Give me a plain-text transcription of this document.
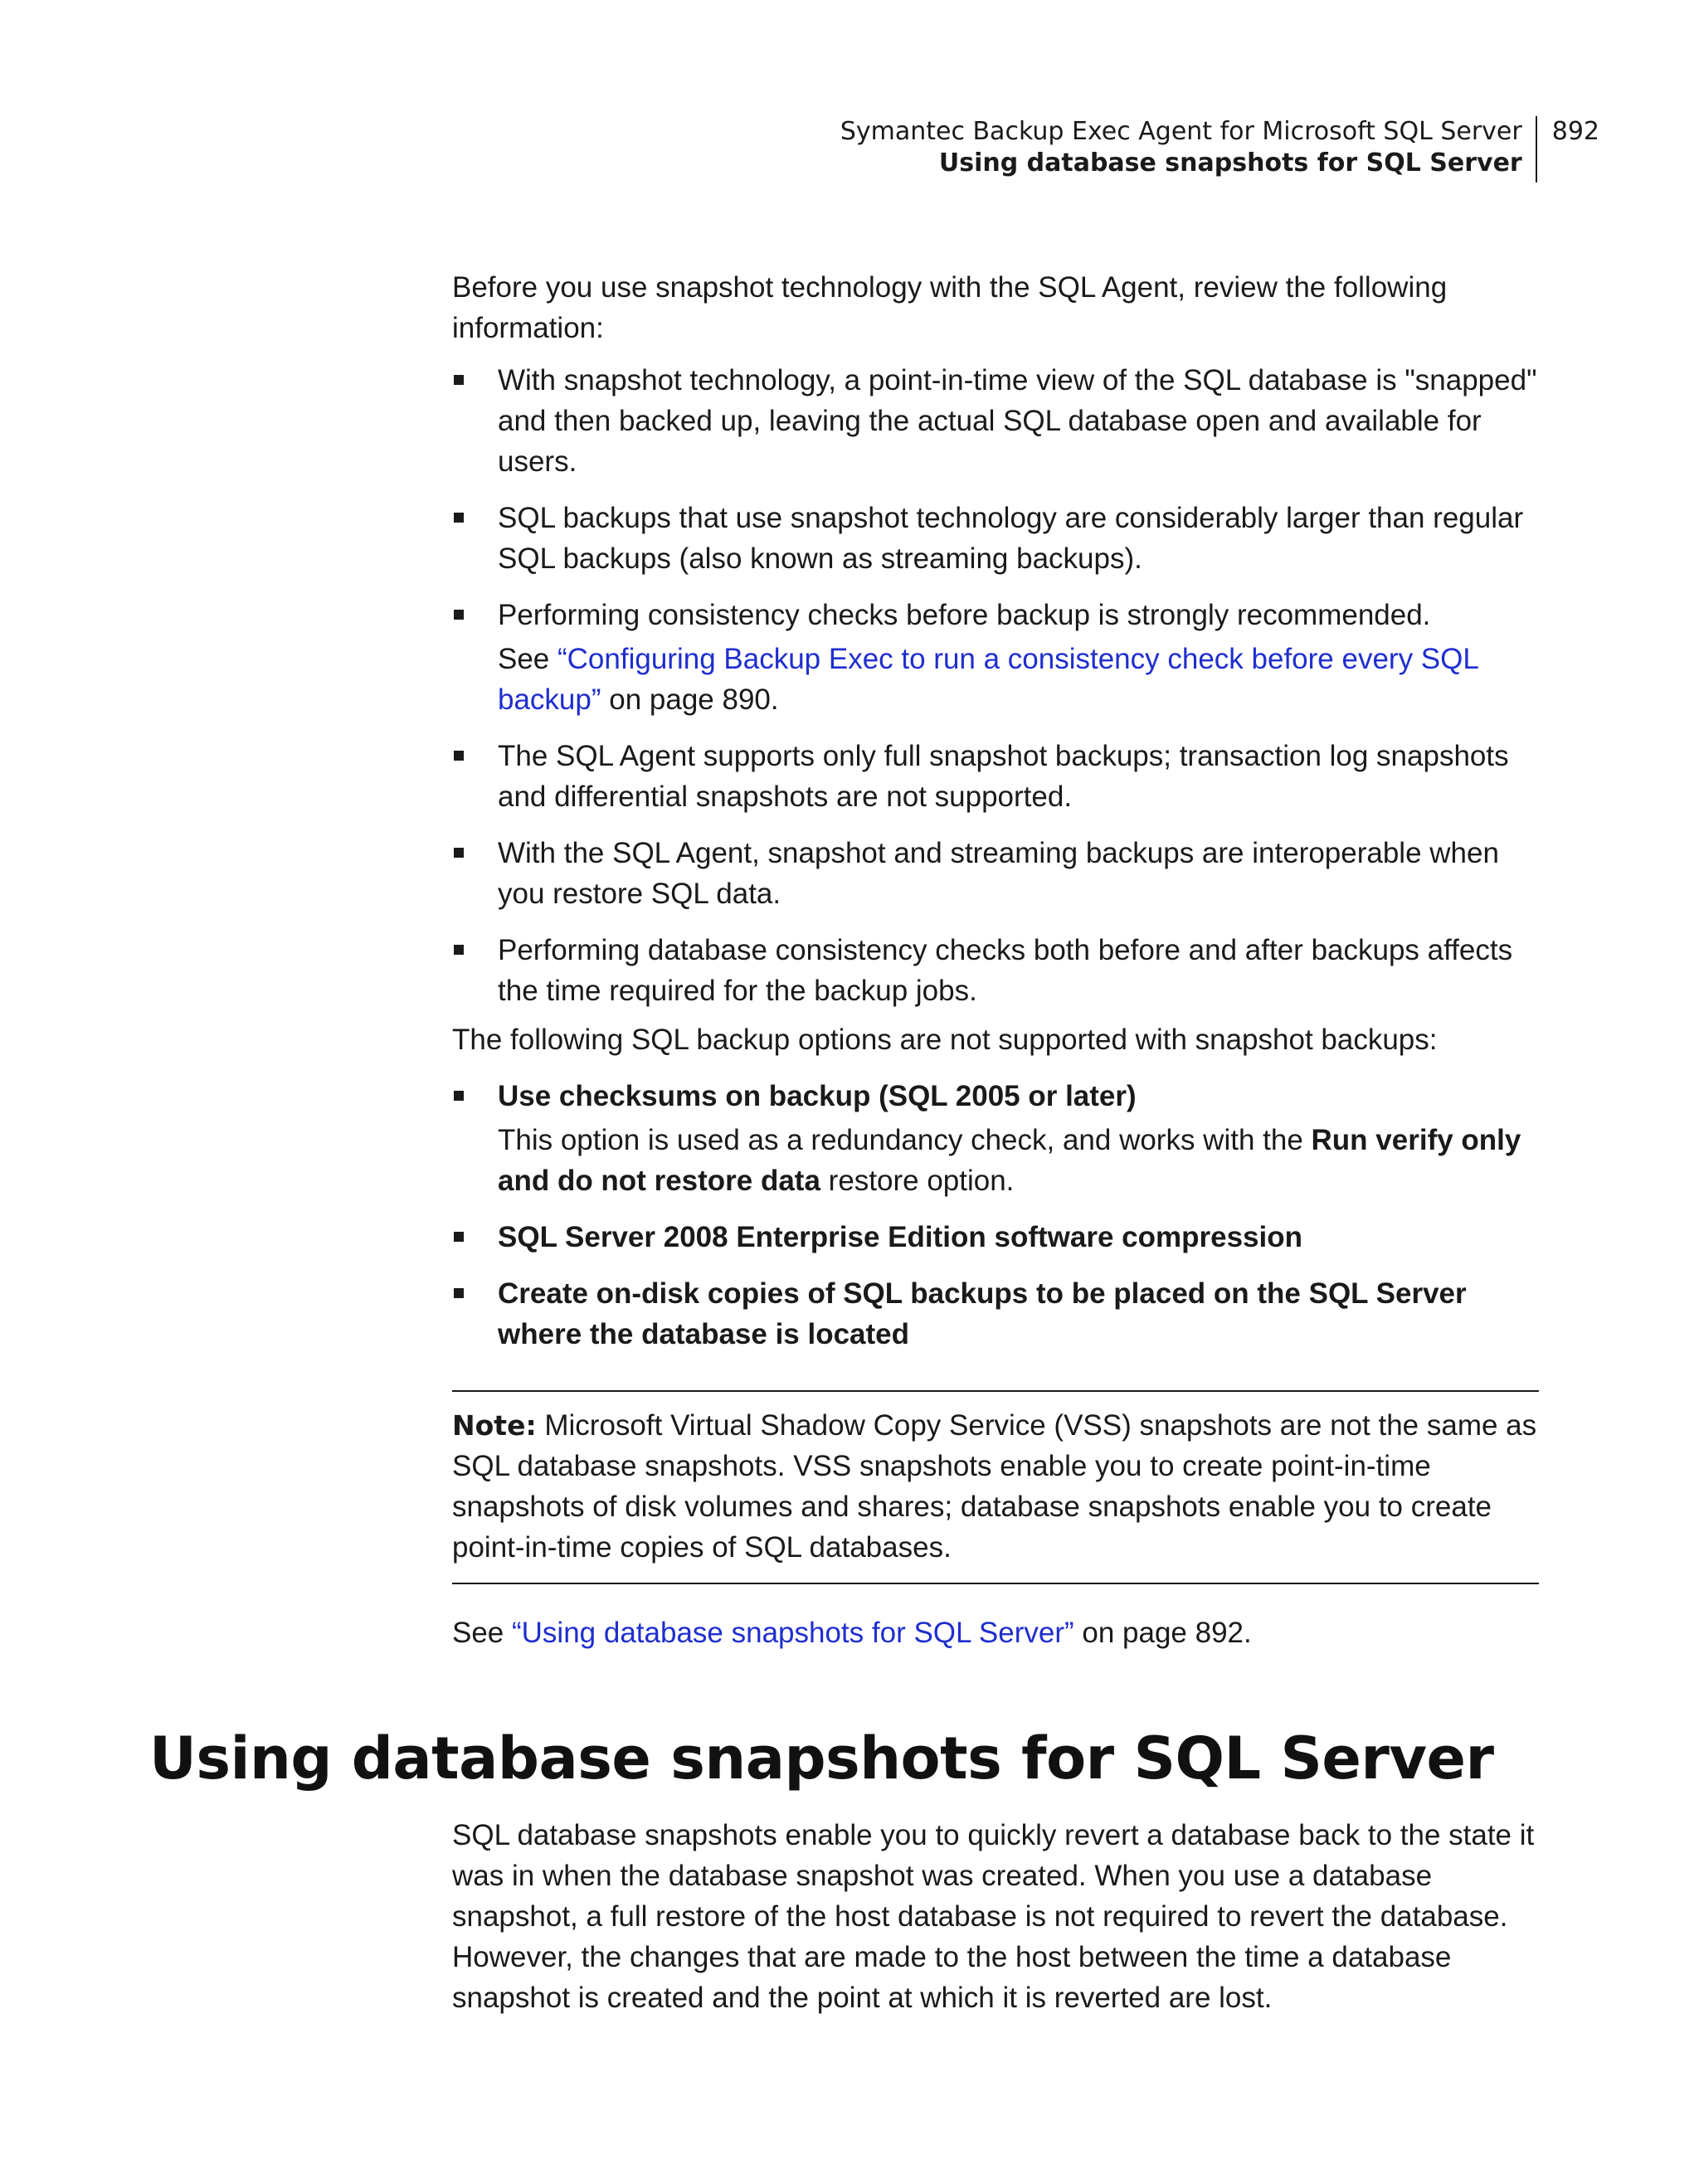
Symantec Backup Exec Agent for Microsoft SQL Server
Using database snapshots for SQL Server
892

Before you use snapshot technology with the SQL Agent, review the following information:

With snapshot technology, a point-in-time view of the SQL database is "snapped" and then backed up, leaving the actual SQL database open and available for users.

SQL backups that use snapshot technology are considerably larger than regular SQL backups (also known as streaming backups).

Performing consistency checks before backup is strongly recommended.

See “Configuring Backup Exec to run a consistency check before every SQL backup” on page 890.

The SQL Agent supports only full snapshot backups; transaction log snapshots and differential snapshots are not supported.

With the SQL Agent, snapshot and streaming backups are interoperable when you restore SQL data.

Performing database consistency checks both before and after backups affects the time required for the backup jobs.

The following SQL backup options are not supported with snapshot backups:

Use checksums on backup (SQL 2005 or later)

This option is used as a redundancy check, and works with the Run verify only and do not restore data restore option.

SQL Server 2008 Enterprise Edition software compression

Create on-disk copies of SQL backups to be placed on the SQL Server where the database is located

Note: Microsoft Virtual Shadow Copy Service (VSS) snapshots are not the same as SQL database snapshots. VSS snapshots enable you to create point-in-time snapshots of disk volumes and shares; database snapshots enable you to create point-in-time copies of SQL databases.

See “Using database snapshots for SQL Server” on page 892.

Using database snapshots for SQL Server

SQL database snapshots enable you to quickly revert a database back to the state it was in when the database snapshot was created. When you use a database snapshot, a full restore of the host database is not required to revert the database. However, the changes that are made to the host between the time a database snapshot is created and the point at which it is reverted are lost.
